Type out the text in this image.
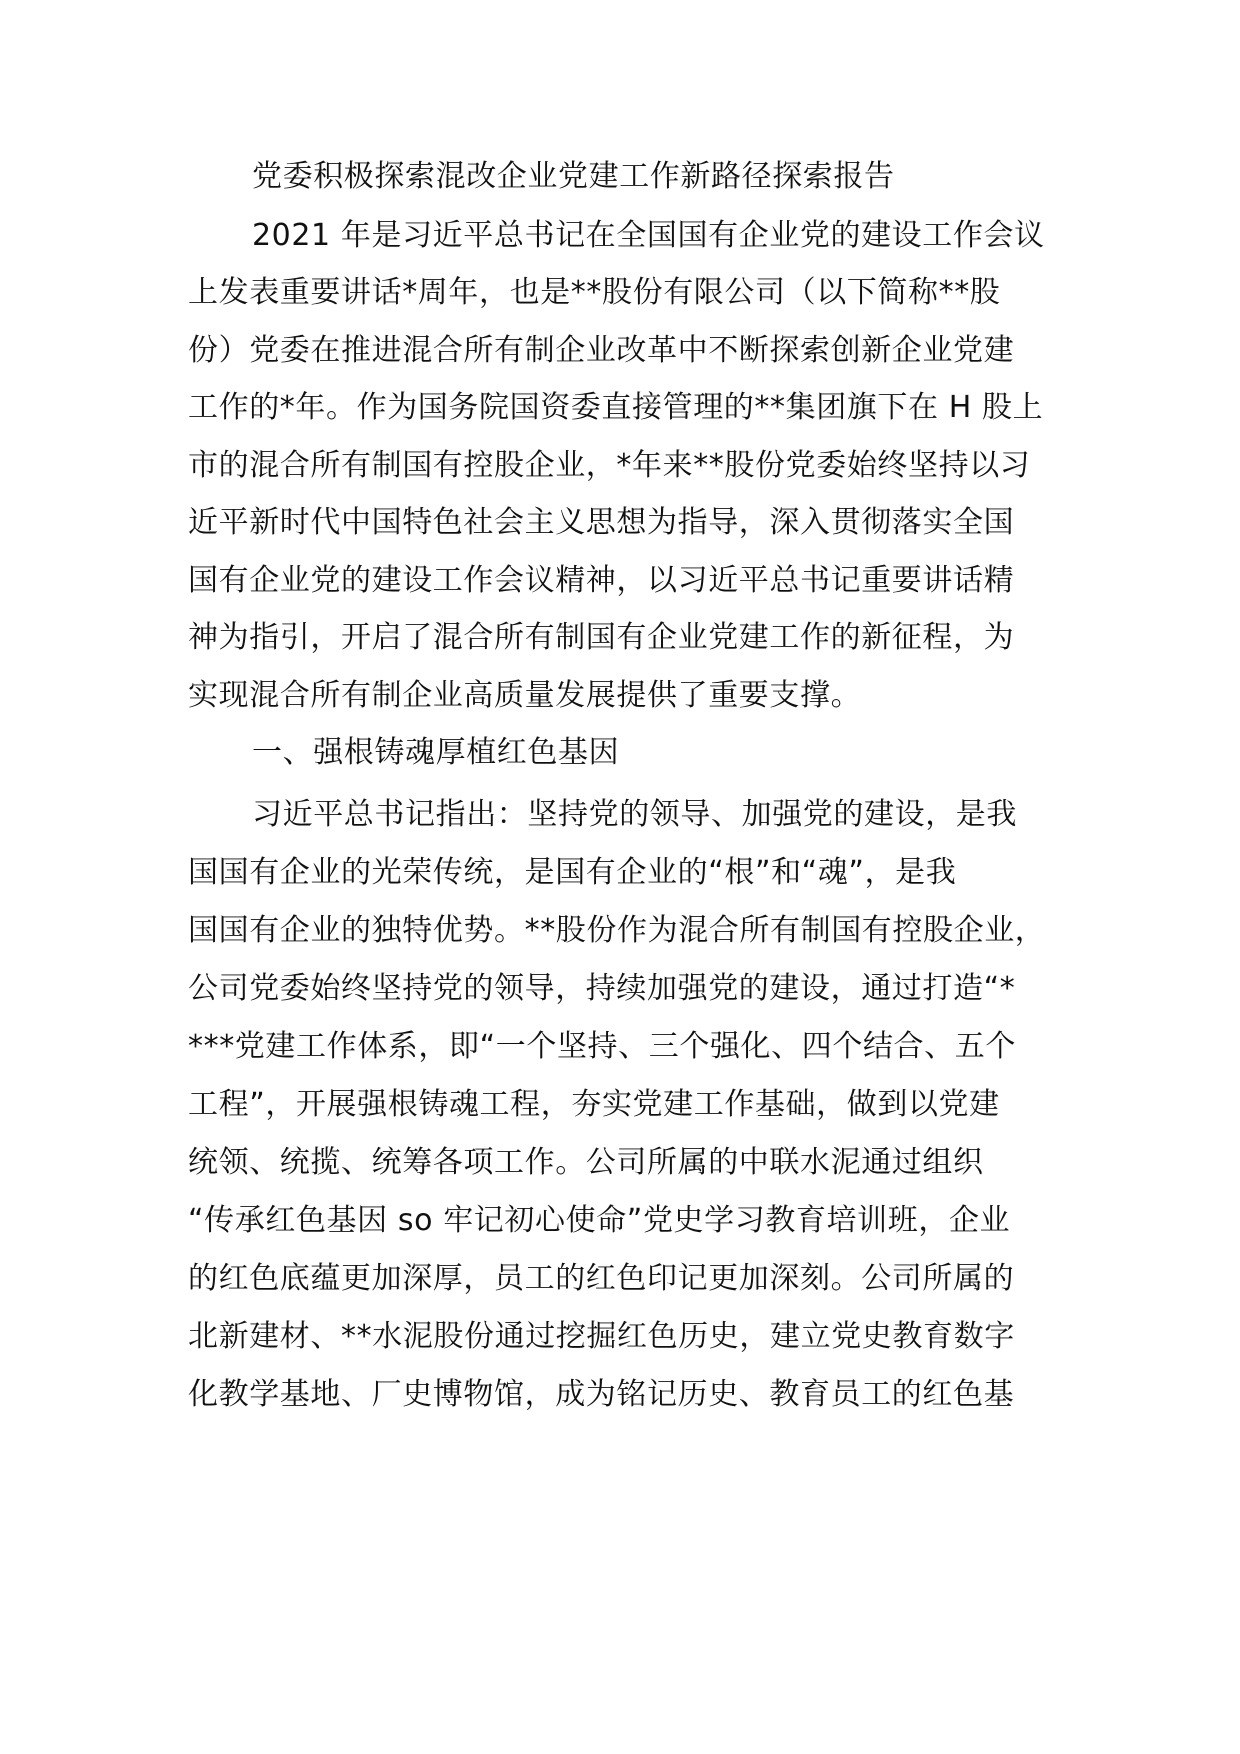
党委积极探索混改企业党建工作新路径探索报告
2021 年是习近平总书记在全国国有企业党的建设工作会议
上发表重要讲话*周年，也是**股份有限公司（以下简称**股
份）党委在推进混合所有制企业改革中不断探索创新企业党建
工作的*年。作为国务院国资委直接管理的**集团旗下在 H 股上
市的混合所有制国有控股企业，*年来**股份党委始终坚持以习
近平新时代中国特色社会主义思想为指导，深入贯彻落实全国
国有企业党的建设工作会议精神，以习近平总书记重要讲话精
神为指引，开启了混合所有制国有企业党建工作的新征程，为
实现混合所有制企业高质量发展提供了重要支撑。
一、强根铸魂厚植红色基因
习近平总书记指出：坚持党的领导、加强党的建设，是我
国国有企业的光荣传统，是国有企业的“根”和“魂”，是我
国国有企业的独特优势。**股份作为混合所有制国有控股企业，
公司党委始终坚持党的领导，持续加强党的建设，通过打造“*
***党建工作体系，即“一个坚持、三个强化、四个结合、五个
工程”，开展强根铸魂工程，夯实党建工作基础，做到以党建
统领、统揽、统筹各项工作。公司所属的中联水泥通过组织
“传承红色基因 so 牢记初心使命”党史学习教育培训班，企业
的红色底蕴更加深厚，员工的红色印记更加深刻。公司所属的
北新建材、**水泥股份通过挖掘红色历史，建立党史教育数字
化教学基地、厂史博物馆，成为铭记历史、教育员工的红色基
